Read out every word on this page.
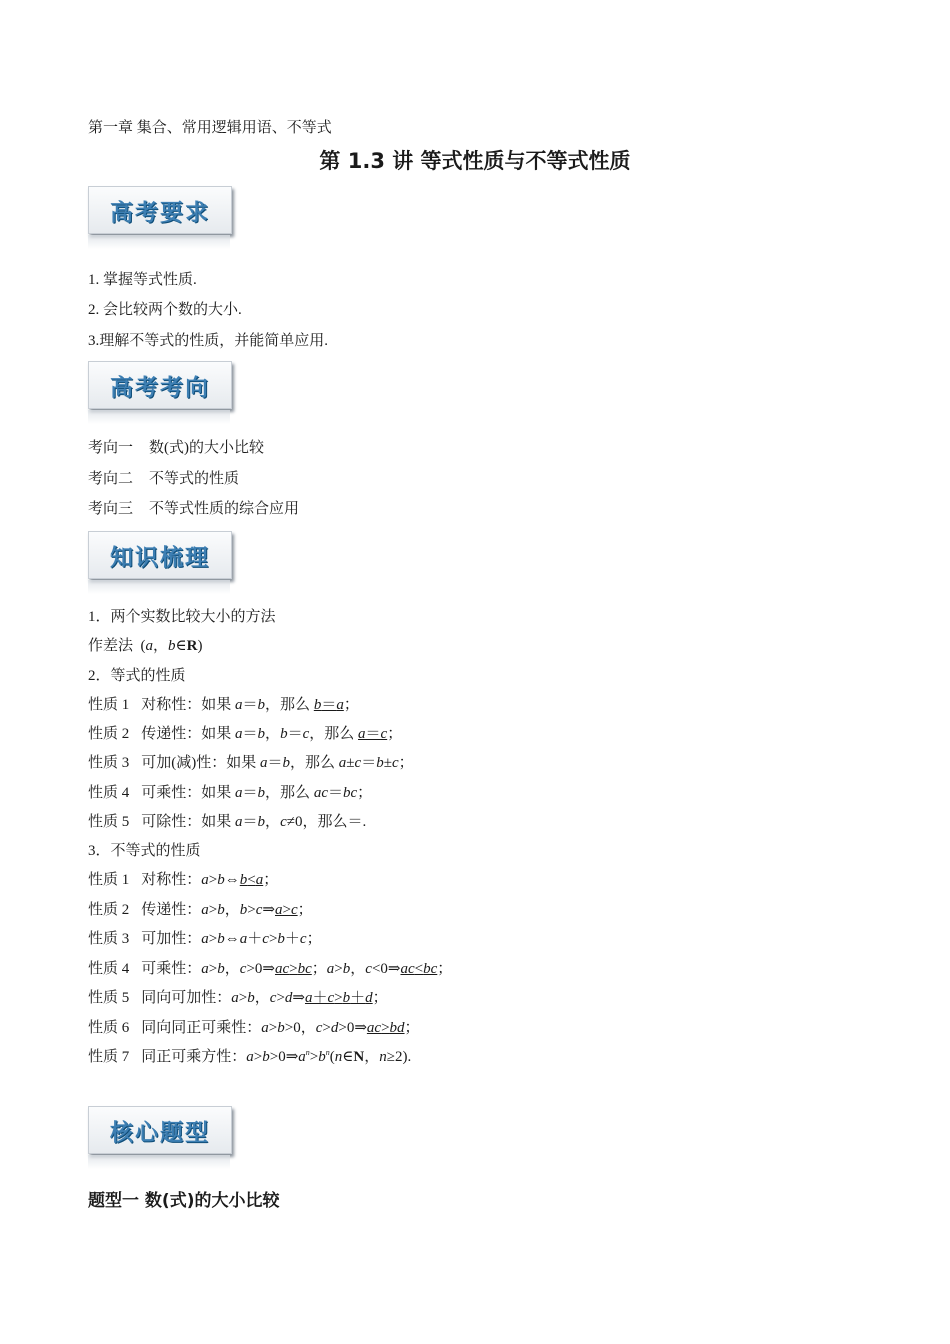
第一章 集合、常用逻辑用语、不等式
第 1.3 讲 等式性质与不等式性质
高考要求
1. 掌握等式性质.
2. 会比较两个数的大小.
3.理解不等式的性质，并能简单应用.
高考考向
考向一 数(式)的大小比较
考向二 不等式的性质
考向三 不等式性质的综合应用
知识梳理
1．两个实数比较大小的方法
作差法  (a，b∈R)
2．等式的性质
性质 1 对称性：如果 a＝b，那么 b＝a；
性质 2 传递性：如果 a＝b，b＝c，那么 a＝c；
性质 3 可加(减)性：如果 a＝b，那么 a±c＝b±c；
性质 4 可乘性：如果 a＝b，那么 ac＝bc；
性质 5 可除性：如果 a＝b，c≠0，那么＝.
3．不等式的性质
性质 1 对称性：a>b⇔b<a；
性质 2 传递性：a>b，b>c⇒a>c；
性质 3 可加性：a>b⇔a＋c>b＋c；
性质 4 可乘性：a>b，c>0⇒ac>bc；a>b，c<0⇒ac<bc；
性质 5 同向可加性：a>b，c>d⇒a＋c>b＋d；
性质 6 同向同正可乘性：a>b>0，c>d>0⇒ac>bd；
性质 7 同正可乘方性：$a>b>0\Rightarrow a^n>b^n(n\in N$，n≥2).
核心题型
题型一 数(式)的大小比较
